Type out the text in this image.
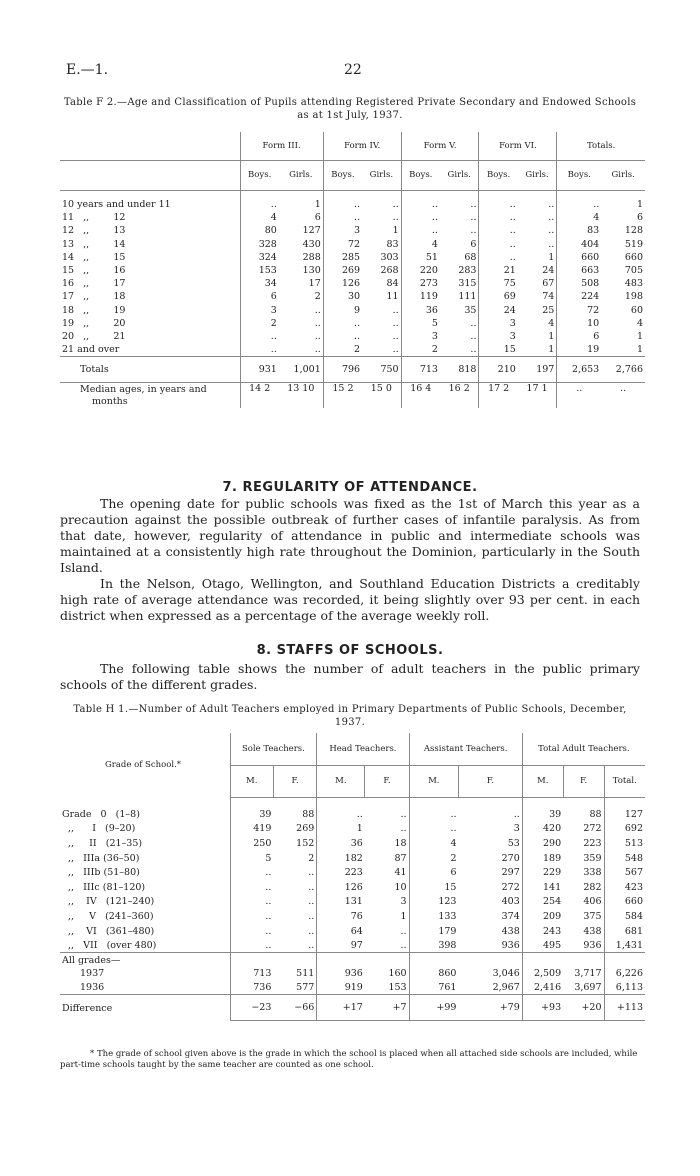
E.—1.	22
Table F 2.—Age and Classification of Pupils attending Registered Private Secondary and Endowed Schools as at 1st July, 1937.
	Form III.		Form IV.		Form V.		Form VI.		Totals.	
	Boys.	Girls.	Boys.	Girls.	Boys.	Girls.	Boys.	Girls.	Boys.	Girls.

10 years and under 11	..	1	..	..	..	..	..	..	..	1
11   ,,        12	4	6	..	..	..	..	..	..	4	6
12   ,,        13	80	127	3	1	..	..	..	..	83	128
13   ,,        14	328	430	72	83	4	6	..	..	404	519
14   ,,        15	324	288	285	303	51	68	..	1	660	660
15   ,,        16	153	130	269	268	220	283	21	24	663	705
16   ,,        17	34	17	126	84	273	315	75	67	508	483
17   ,,        18	6	2	30	11	119	111	69	74	224	198
18   ,,        19	3	..	9	..	36	35	24	25	72	60
19   ,,        20	2	..	..	..	5	..	3	4	10	4
20   ,,        21	..	..	..	..	3	..	3	1	6	1
21 and over	..	..	2	..	2	..	15	1	19	1
Totals	931	1,001	796	750	713	818	210	197	2,653	2,766
Median ages, in years and
months	14 2	13 10	15 2	15 0	16 4	16 2	17 2	17 1	..	..
7. REGULARITY OF ATTENDANCE.

The opening date for public schools was fixed as the 1st of March this year as a precaution against the possible outbreak of further cases of infantile paralysis. As from that date, however, regularity of attendance in public and intermediate schools was maintained at a consistently high rate throughout the Dominion, particularly in the South Island.

In the Nelson, Otago, Wellington, and Southland Education Districts a creditably high rate of average attendance was recorded, it being slightly over 93 per cent. in each district when expressed as a percentage of the average weekly roll.

8. STAFFS OF SCHOOLS.

The following table shows the number of adult teachers in the public primary schools of the different grades.

Table H 1.—Number of Adult Teachers employed in Primary Departments of Public Schools, December, 1937.
Grade of School.*	Sole Teachers.		Head Teachers.		Assistant Teachers.		Total Adult Teachers.		
	M.	F.	M.	F.	M.	F.	M.	F.	Total.

Grade   0   (1–8)	39	88	..	..	..	..	39	88	127
,,      I   (9–20)	419	269	1	..	..	3	420	272	692
,,     II   (21–35)	250	152	36	18	4	53	290	223	513
,,   IIIa (36–50)	5	2	182	87	2	270	189	359	548
,,   IIIb (51–80)	..	..	223	41	6	297	229	338	567
,,   IIIc (81–120)	..	..	126	10	15	272	141	282	423
,,    IV   (121–240)	..	..	131	3	123	403	254	406	660
,,     V   (241–360)	..	..	76	1	133	374	209	375	584
,,    VI   (361–480)	..	..	64	..	179	438	243	438	681
,,   VII   (over 480)	..	..	97	..	398	936	495	936	1,431
All grades—									
1937	713	511	936	160	860	3,046	2,509	3,717	6,226
1936	736	577	919	153	761	2,967	2,416	3,697	6,113
Difference	−23	−66	+17	+7	+99	+79	+93	+20	+113
* The grade of school given above is the grade in which the school is placed when all attached side schools are included, while part-time schools taught by the same teacher are counted as one school.
